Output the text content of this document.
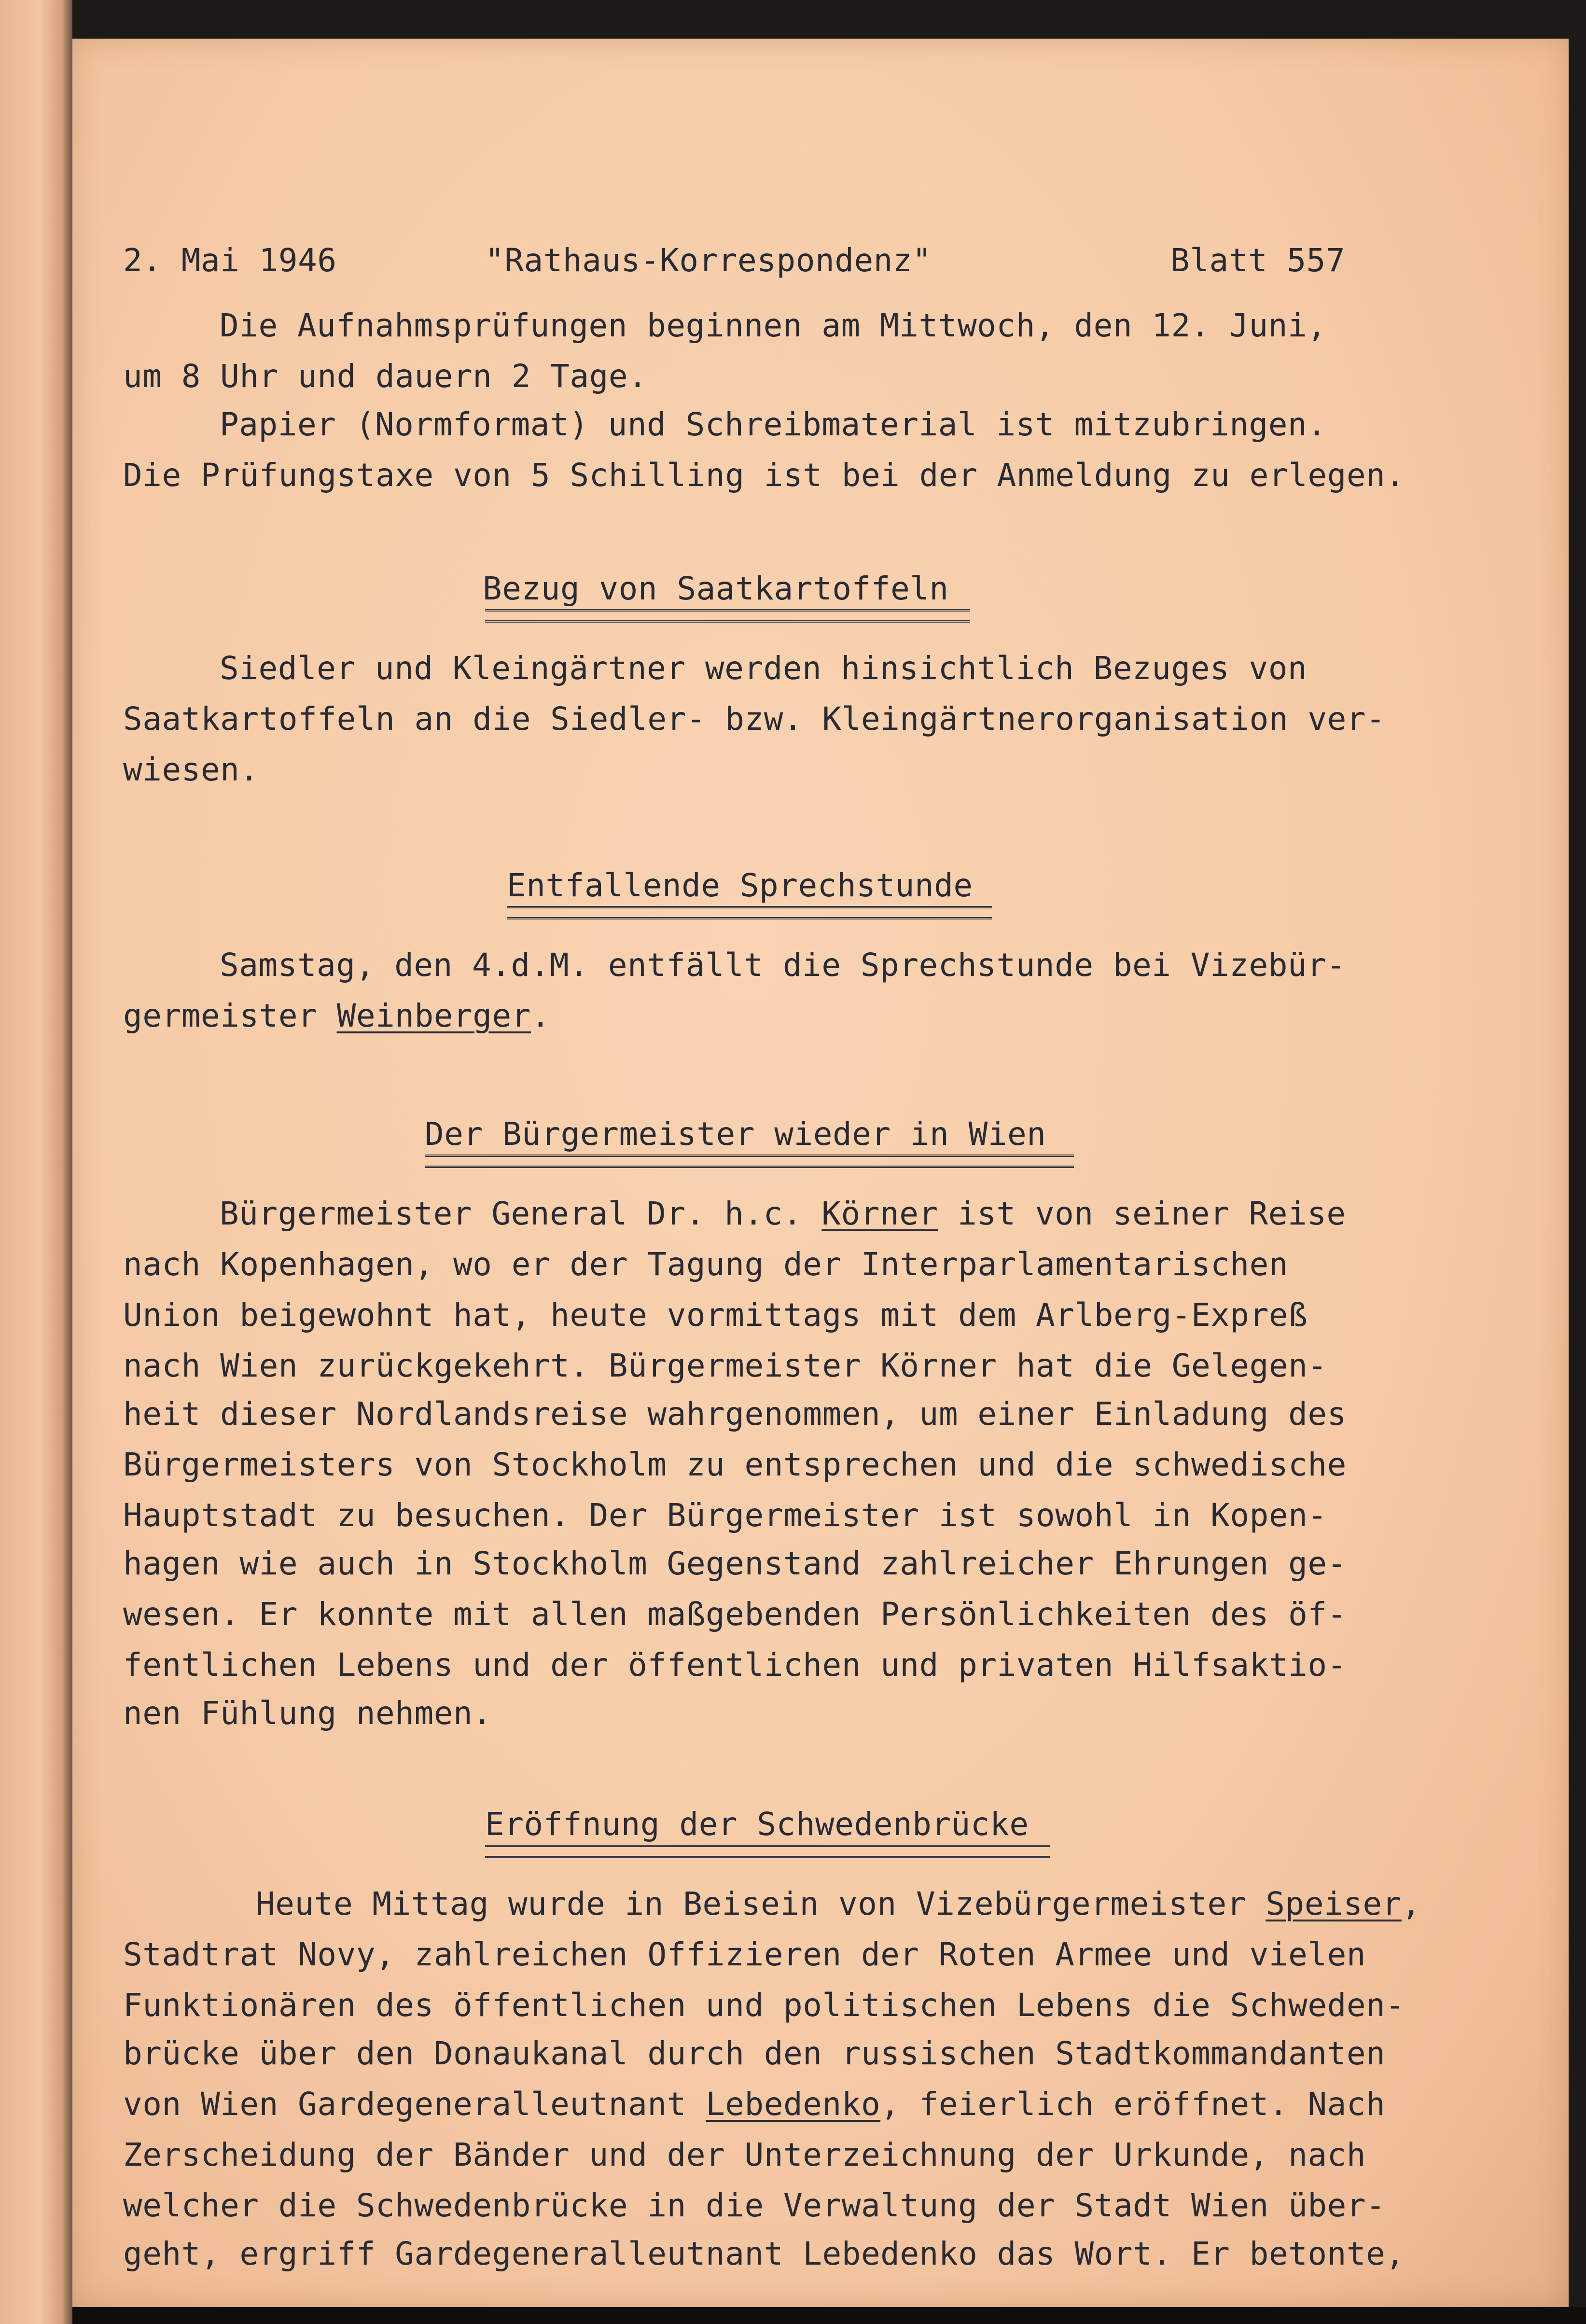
2. Mai 1946	"Rathaus-Korrespondenz"	Blatt 557
Die Aufnahmsprüfungen beginnen am Mittwoch, den 12. Juni,
um 8 Uhr und dauern 2 Tage.
Papier (Normformat) und Schreibmaterial ist mitzubringen.
Die Prüfungstaxe von 5 Schilling ist bei der Anmeldung zu erlegen.
Bezug von Saatkartoffeln
Siedler und Kleingärtner werden hinsichtlich Bezuges von
Saatkartoffeln an die Siedler- bzw. Kleingärtnerorganisation ver-
wiesen.
Entfallende Sprechstunde
Samstag, den 4.d.M. entfällt die Sprechstunde bei Vizebür-
germeister Weinberger.
Der Bürgermeister wieder in Wien
Bürgermeister General Dr. h.c. Körner ist von seiner Reise
nach Kopenhagen, wo er der Tagung der Interparlamentarischen
Union beigewohnt hat, heute vormittags mit dem Arlberg-Expreß
nach Wien zurückgekehrt. Bürgermeister Körner hat die Gelegen-
heit dieser Nordlandsreise wahrgenommen, um einer Einladung des
Bürgermeisters von Stockholm zu entsprechen und die schwedische
Hauptstadt zu besuchen. Der Bürgermeister ist sowohl in Kopen-
hagen wie auch in Stockholm Gegenstand zahlreicher Ehrungen ge-
wesen. Er konnte mit allen maßgebenden Persönlichkeiten des öf-
fentlichen Lebens und der öffentlichen und privaten Hilfsaktio-
nen Fühlung nehmen.
Eröffnung der Schwedenbrücke
Heute Mittag wurde in Beisein von Vizebürgermeister Speiser,
Stadtrat Novy, zahlreichen Offizieren der Roten Armee und vielen
Funktionären des öffentlichen und politischen Lebens die Schweden-
brücke über den Donaukanal durch den russischen Stadtkommandanten
von Wien Gardegeneralleutnant Lebedenko, feierlich eröffnet. Nach
Zerscheidung der Bänder und der Unterzeichnung der Urkunde, nach
welcher die Schwedenbrücke in die Verwaltung der Stadt Wien über-
geht, ergriff Gardegeneralleutnant Lebedenko das Wort. Er betonte,
